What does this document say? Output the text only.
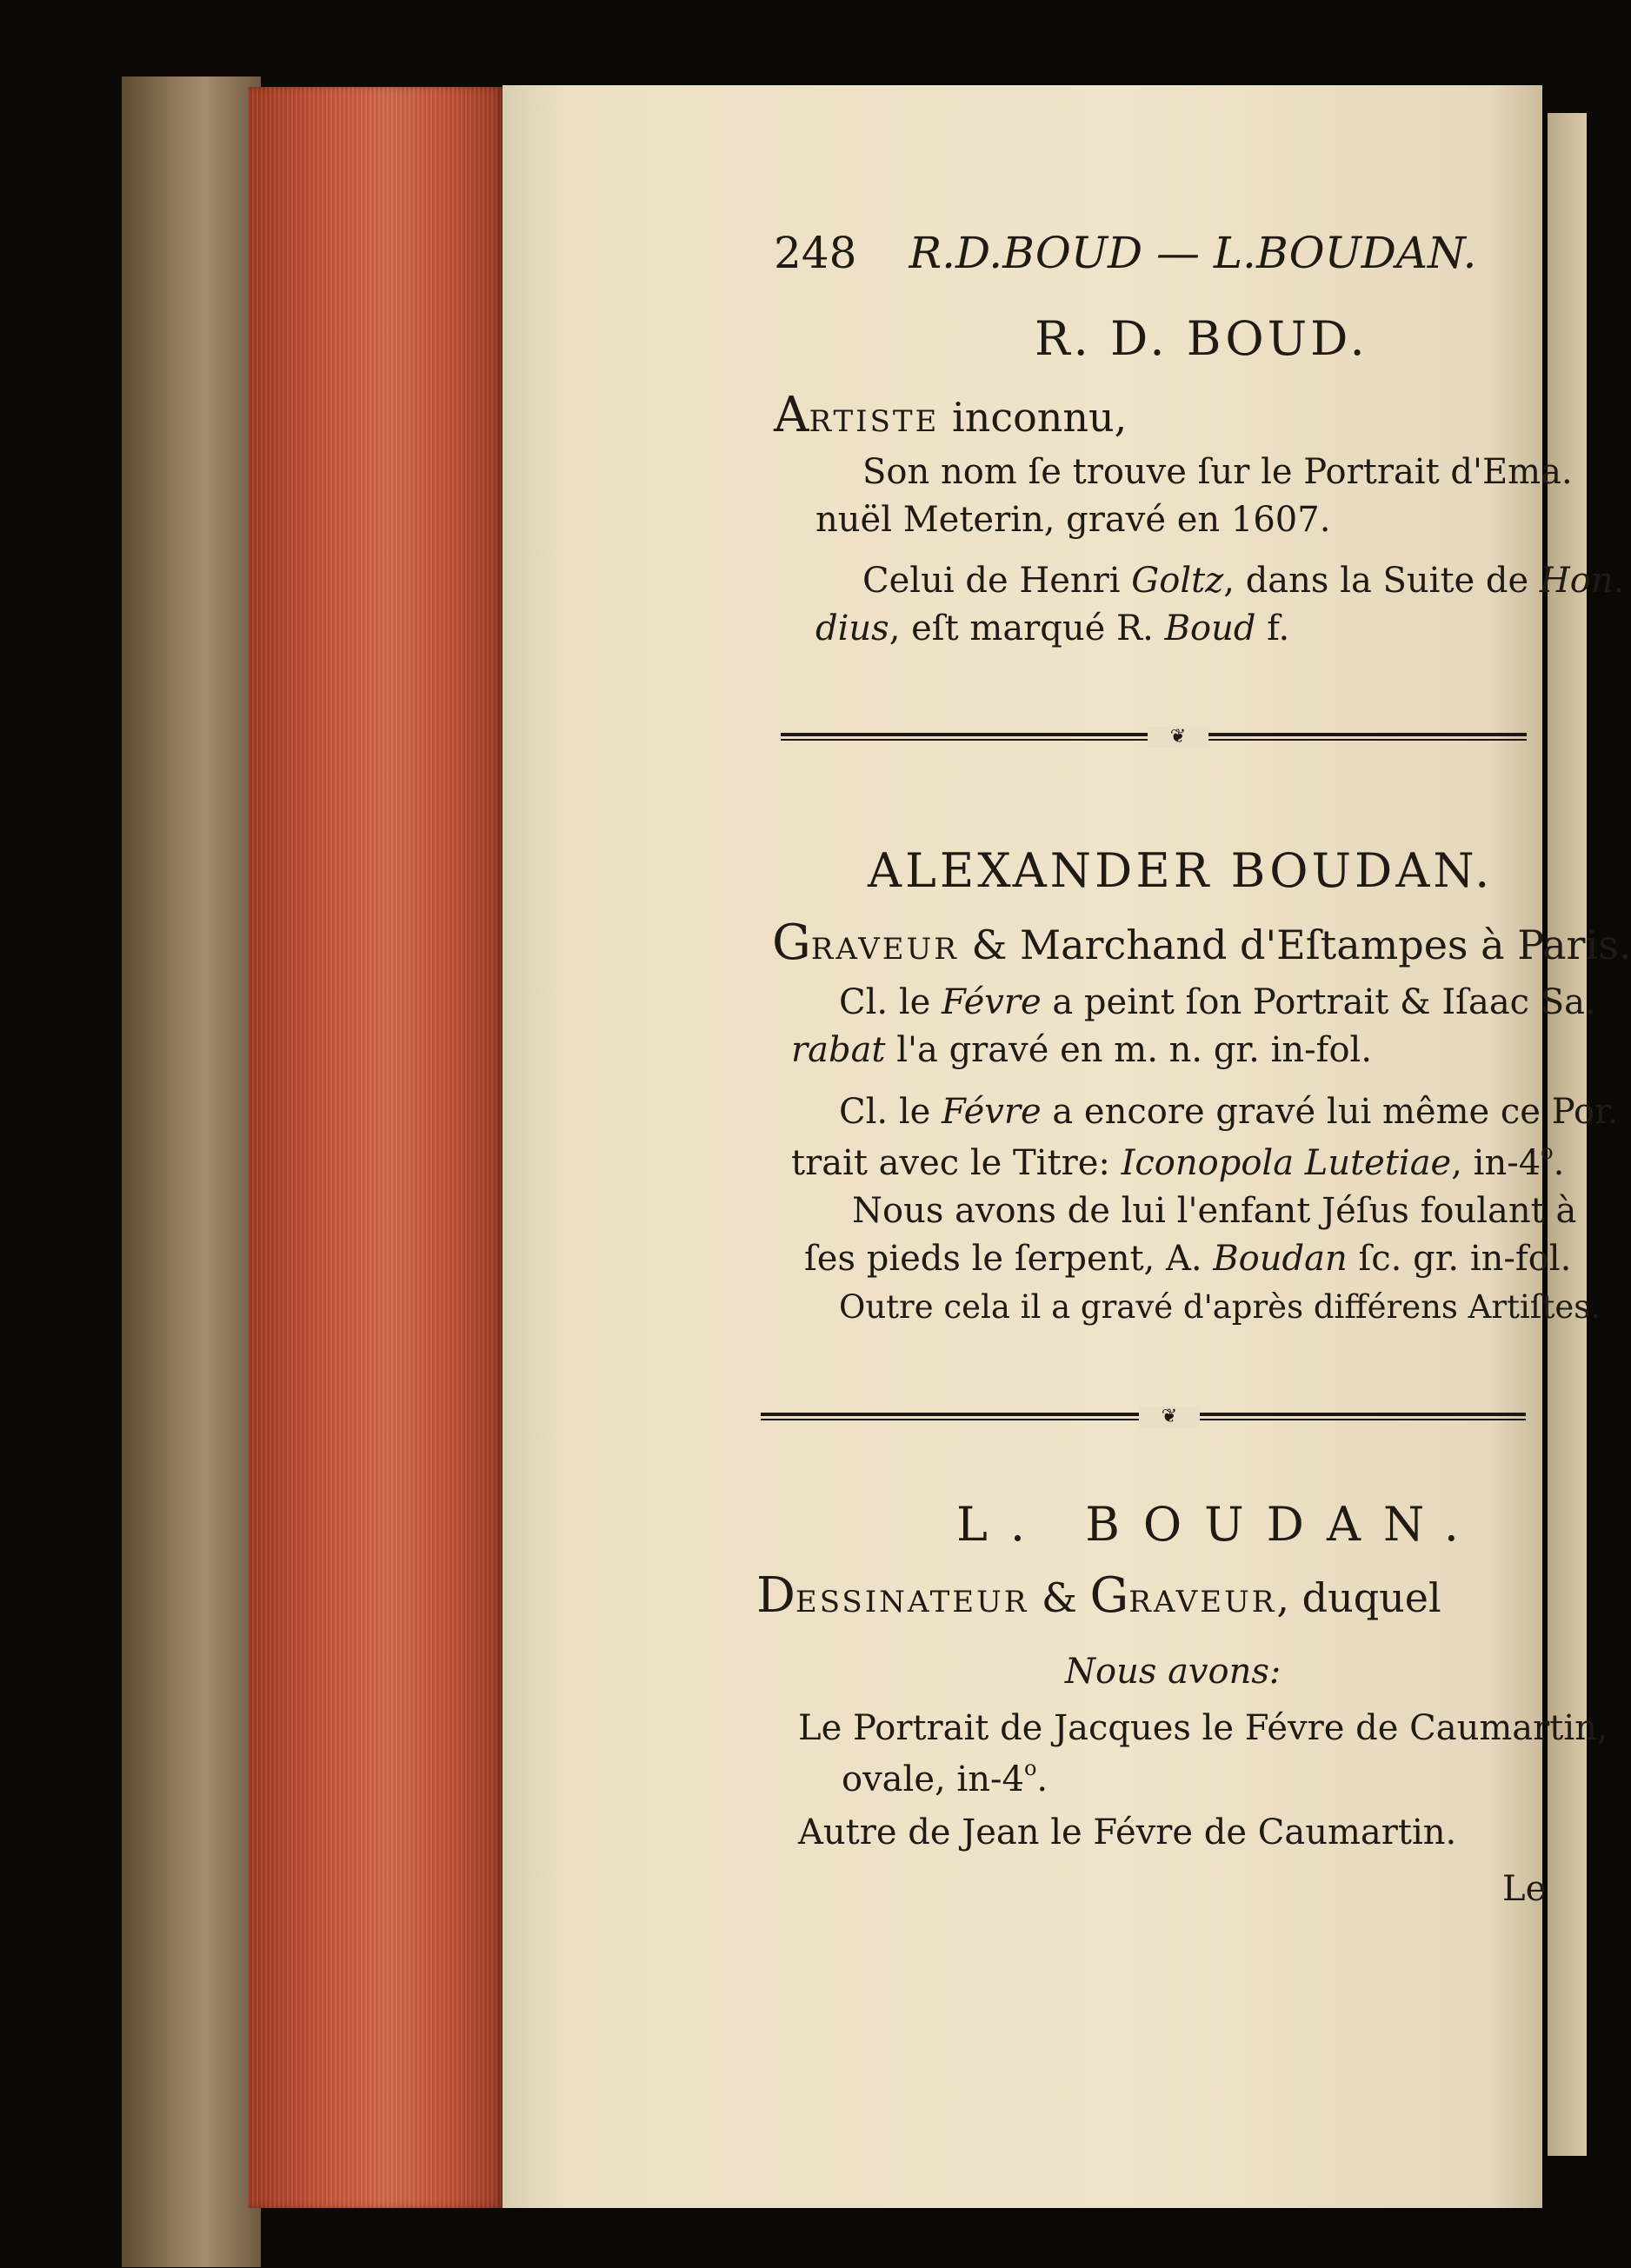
248 R.D.BOUD — L.BOUDAN.
R. D. BOUD.
ARTISTE inconnu,
Son nom ſe trouve ſur le Portrait d'Ema.
nuël Meterin, gravé en 1607.
Celui de Henri Goltz, dans la Suite de Hon.
dius, eſt marqué R. Boud f.
❦
ALEXANDER BOUDAN.
GRAVEUR & Marchand d'Eſtampes à Paris.
Cl. le Févre a peint ſon Portrait & Iſaac Sa.
rabat l'a gravé en m. n. gr. in-fol.
Cl. le Févre a encore gravé lui même ce Por.
trait avec le Titre: Iconopola Lutetiae, in-4$^o$.
Nous avons de lui l'enfant Jéſus foulant à
ſes pieds le ſerpent, A. Boudan ſc. gr. in-fol.
Outre cela il a gravé d'après différens Artiſtes.
❦
L. BOUDAN.
DESSINATEUR & GRAVEUR, duquel
Nous avons:
Le Portrait de Jacques le Févre de Caumartin,
ovale, in-4$^o$.
Autre de Jean le Févre de Caumartin.
Le
